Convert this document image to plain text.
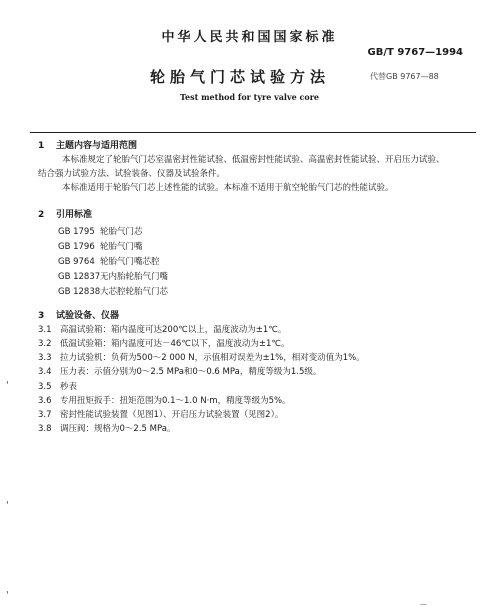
中华人民共和国国家标准
GB/T 9767—1994
轮胎气门芯试验方法	代替GB 9767—88
Test method for tyre valve core
1 主题内容与适用范围
本标准规定了轮胎气门芯室温密封性能试验、低温密封性能试验、高温密封性能试验、开启压力试验、
结合强力试验方法、试验装备、仪器及试验条件。
本标准适用于轮胎气门芯上述性能的试验。本标准不适用于航空轮胎气门芯的性能试验。
2 引用标准
GB 1795 轮胎气门芯
GB 1796 轮胎气门嘴
GB 9764 轮胎气门嘴芯腔
GB 12837无内胎轮胎气门嘴
GB 12838大芯腔轮胎气门芯
3 试验设备、仪器
3.1 高温试验箱：箱内温度可达200℃以上，温度波动为±1℃。
3.2 低温试验箱：箱内温度可达－46℃以下，温度波动为±1℃。
3.3 拉力试验机：负荷为500～2 000 N，示值相对误差为±1%，相对变动值为1%。
3.4 压力表：示值分别为0～2.5 MPa和0～0.6 MPa，精度等级为1.5级。
3.5 秒表
3.6 专用扭矩扳手：扭矩范围为0.1～1.0 N·m，精度等级为5%。
3.7 密封性能试验装置（见图1）、开启压力试验装置（见图2）。
3.8 调压阀：规格为0～2.5 MPa。
'
'
'
—
